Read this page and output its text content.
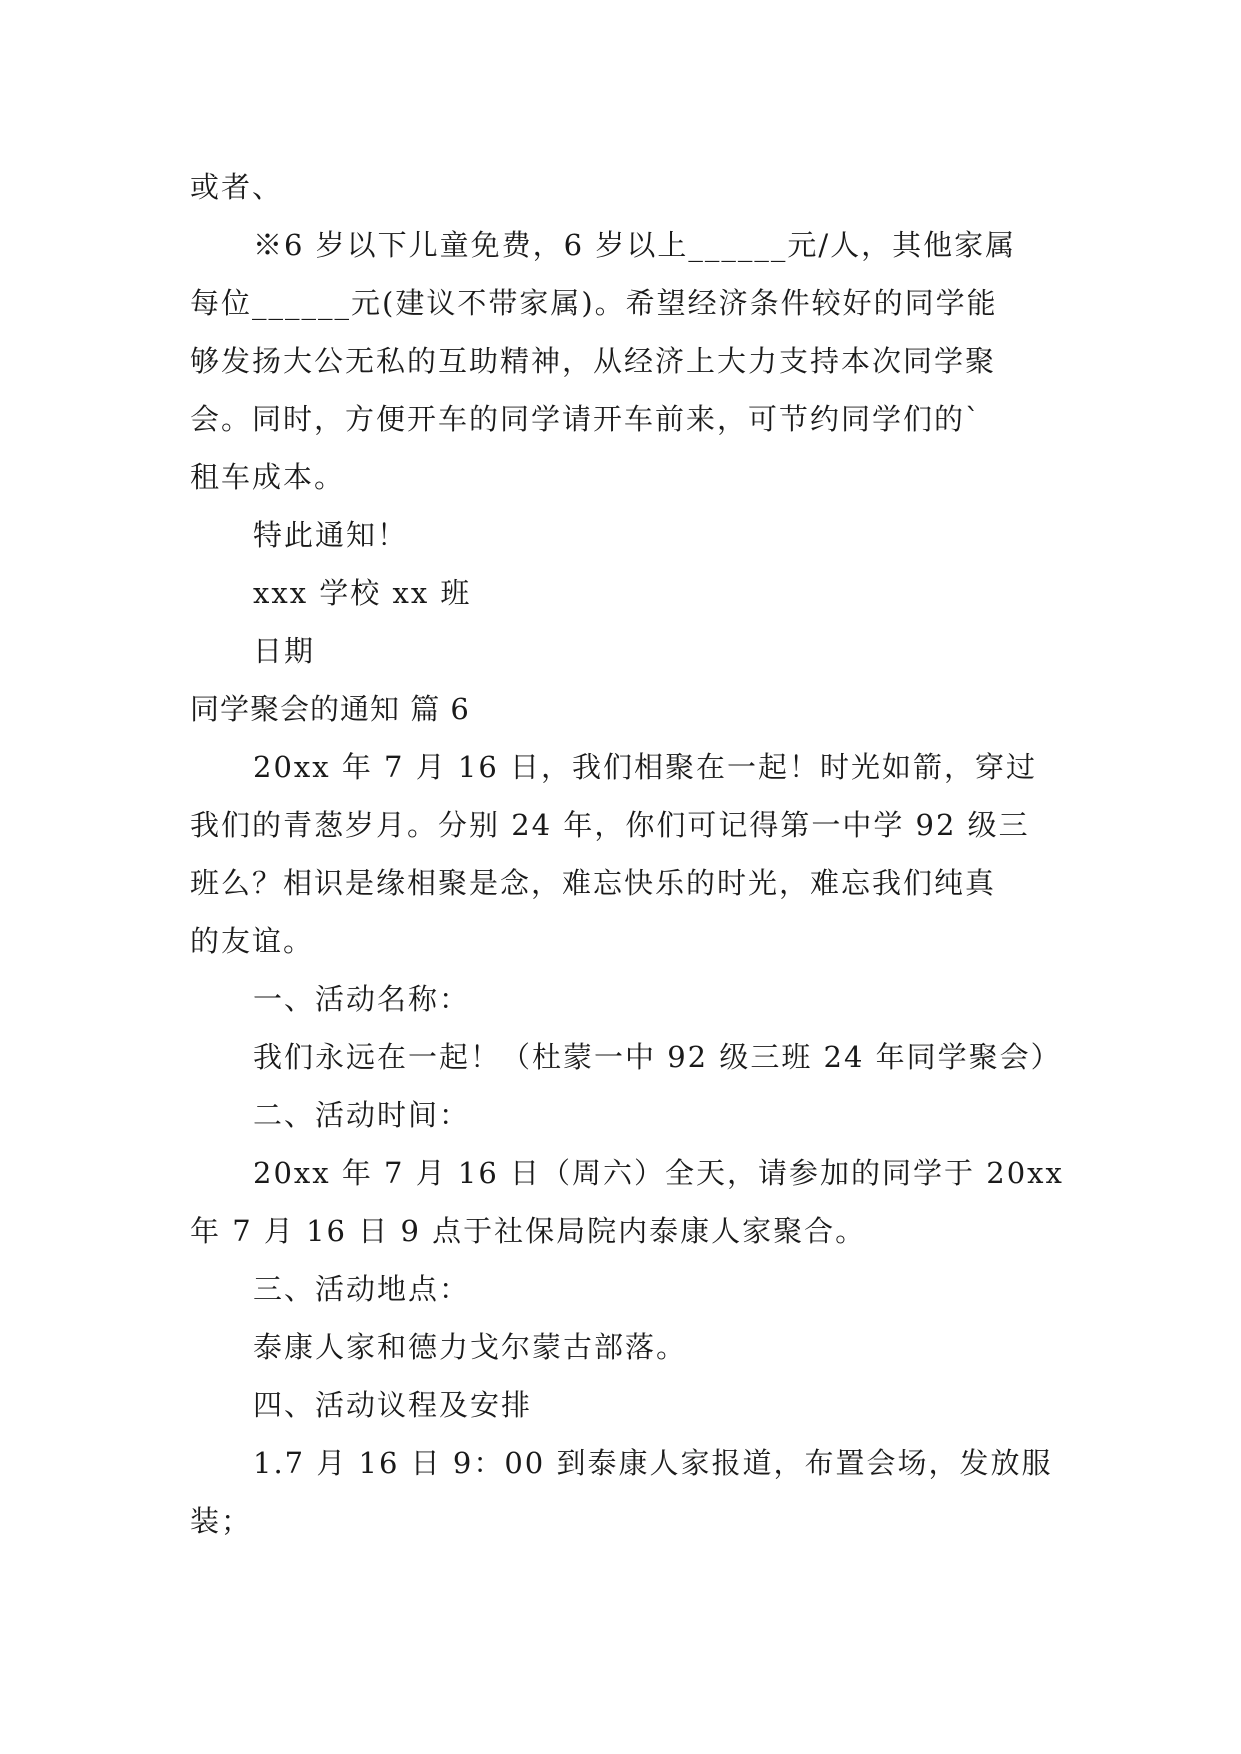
或者、
※6 岁以下儿童免费，6 岁以上______元/人，其他家属
每位______元(建议不带家属)。希望经济条件较好的同学能
够发扬大公无私的互助精神，从经济上大力支持本次同学聚
会。同时，方便开车的同学请开车前来，可节约同学们的`
租车成本。
特此通知！
xxx 学校 xx 班
日期
同学聚会的通知 篇 6
20xx 年 7 月 16 日，我们相聚在一起！时光如箭，穿过
我们的青葱岁月。分别 24 年，你们可记得第一中学 92 级三
班么？相识是缘相聚是念，难忘快乐的时光，难忘我们纯真
的友谊。
一、活动名称：
我们永远在一起！（杜蒙一中 92 级三班 24 年同学聚会）
二、活动时间：
20xx 年 7 月 16 日（周六）全天，请参加的同学于 20xx
年 7 月 16 日 9 点于社保局院内泰康人家聚合。
三、活动地点：
泰康人家和德力戈尔蒙古部落。
四、活动议程及安排
1.7 月 16 日 9：00 到泰康人家报道，布置会场，发放服
装；
